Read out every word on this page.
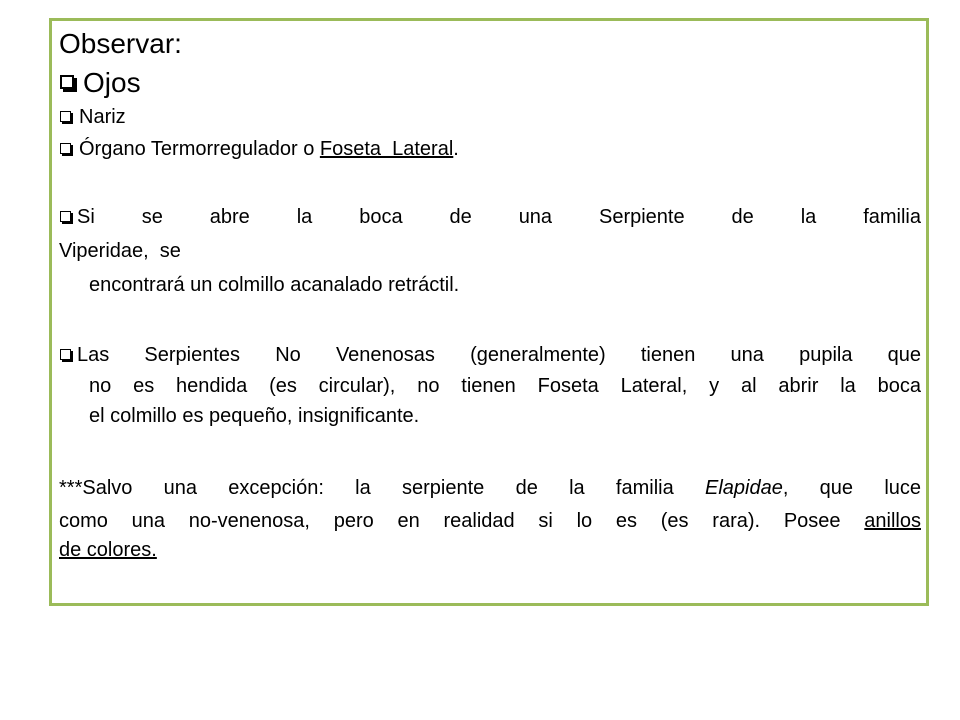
Observar:
Ojos
Nariz
Órgano Termorregulador o Foseta  Lateral.
Si se abre la boca de una Serpiente de la familia
Viperidae,  se
encontrará un colmillo acanalado retráctil.
Las Serpientes No Venenosas (generalmente) tienen una pupila que
no es hendida (es circular), no tienen Foseta Lateral, y al abrir la boca
el colmillo es pequeño, insignificante.
***Salvo una excepción: la serpiente de la familia Elapidae, que luce
como una no-venenosa, pero en realidad si lo es (es rara). Posee anillos
de colores.
